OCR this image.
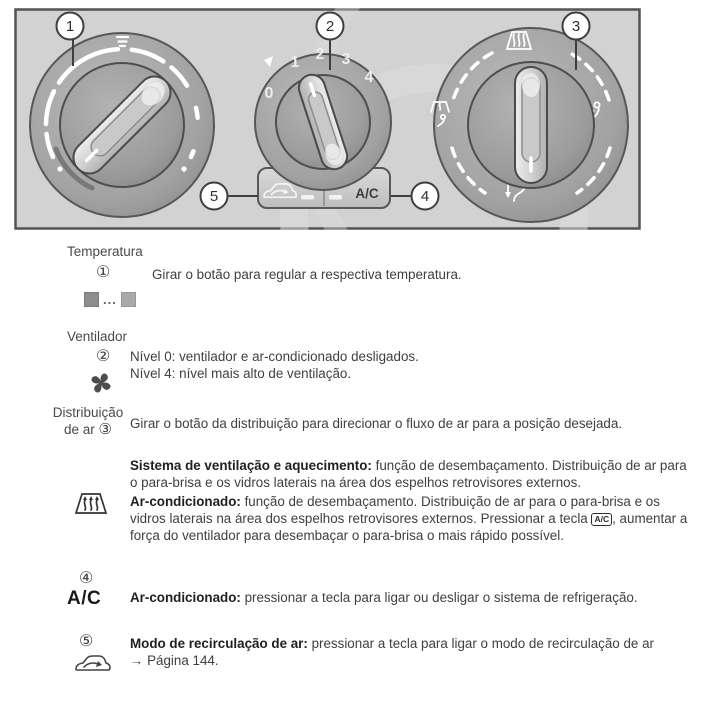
A/C
0
1 2 3
4
1	2	3
4
5
Temperatura
①	Girar o botão para regular a respectiva temperatura.
...
Ventilador
② Nível 0: ventilador e ar-condicionado desligados.
Nível 4: nível mais alto de ventilação.
Distribuição
de ar ③	Girar o botão da distribuição para direcionar o fluxo de ar para a posição desejada.
Sistema de ventilação e aquecimento: função de desembaçamento. Distribuição de ar para o para-brisa e os vidros laterais na área dos espelhos retrovisores externos.
Ar-condicionado: função de desembaçamento. Distribuição de ar para o para-brisa e os vidros laterais na área dos espelhos retrovisores externos. Pressionar a tecla A/C , aumentar a força do ventilador para desembaçar o para-brisa o mais rápido possível.
④
A/C Ar-condicionado: pressionar a tecla para ligar ou desligar o sistema de refrigeração.
⑤	Modo de recirculação de ar: pressionar a tecla para ligar o modo de recirculação de ar
→ Página 144.
